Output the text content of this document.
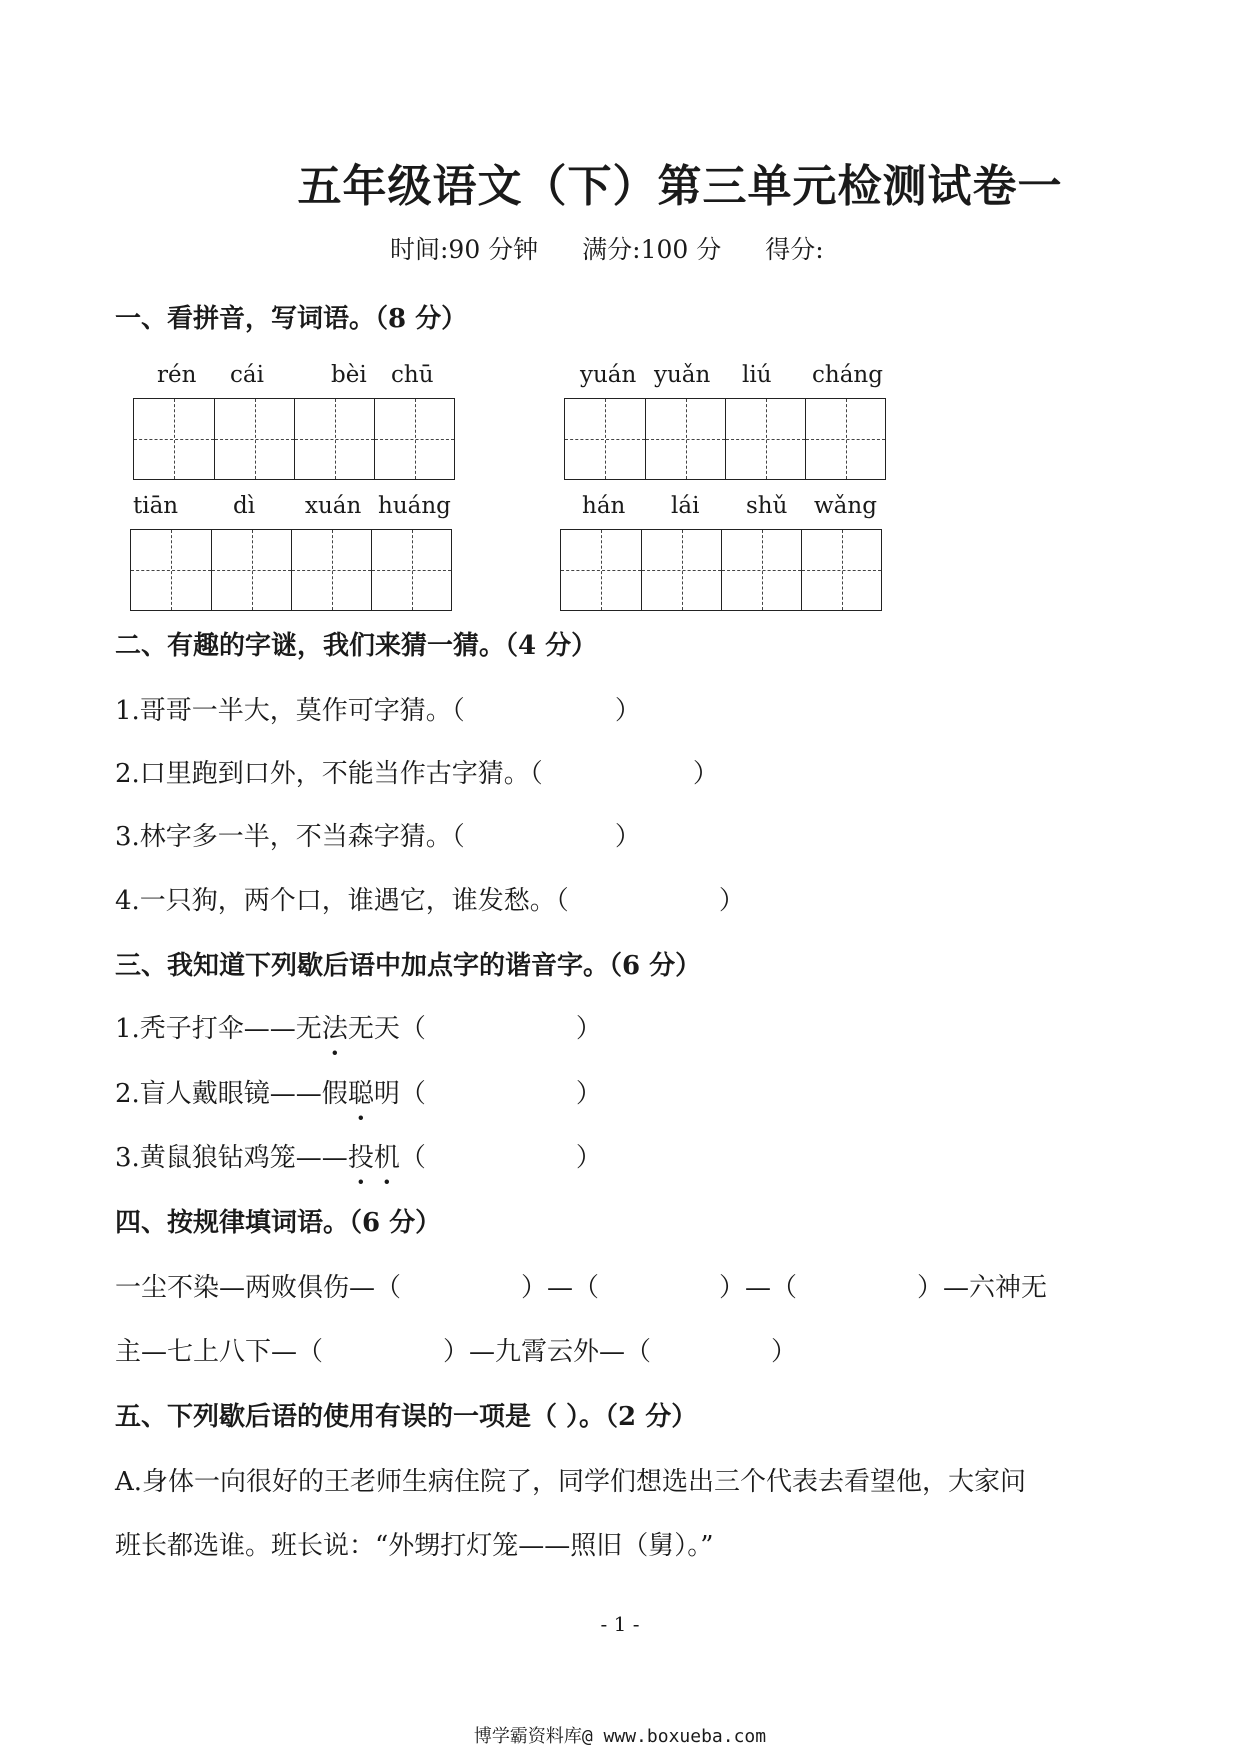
五年级语文（下）第三单元检测试卷一
时间:90 分钟 满分:100 分 得分:
一、看拼音，写词语。（8 分）
rén cái	bèi chū	yuán yuǎn liú cháng
tiān dì xuán huáng	hán lái shǔ wǎng
二、有趣的字谜，我们来猜一猜。（4 分）
1.哥哥一半大，莫作可字猜。（	）
2.口里跑到口外，不能当作古字猜。（	）
3.林字多一半，不当森字猜。（	）
4.一只狗，两个口，谁遇它，谁发愁。（	）
三、我知道下列歇后语中加点字的谐音字。（6 分）
1.秃子打伞——无法无天（	）
2.盲人戴眼镜——假聪明（	）
3.黄鼠狼钻鸡笼——投机（	）
四、按规律填词语。（6 分）
一尘不染—两败俱伤—（	）—（	）—（	）—六神无
主—七上八下—（	）—九霄云外—（	）
五、下列歇后语的使用有误的一项是（ ）。（2 分）
A.身体一向很好的王老师生病住院了，同学们想选出三个代表去看望他，大家问
班长都选谁。班长说：“外甥打灯笼——照旧（舅）。”
- 1 -
博学霸资料库@ www.boxueba.com
